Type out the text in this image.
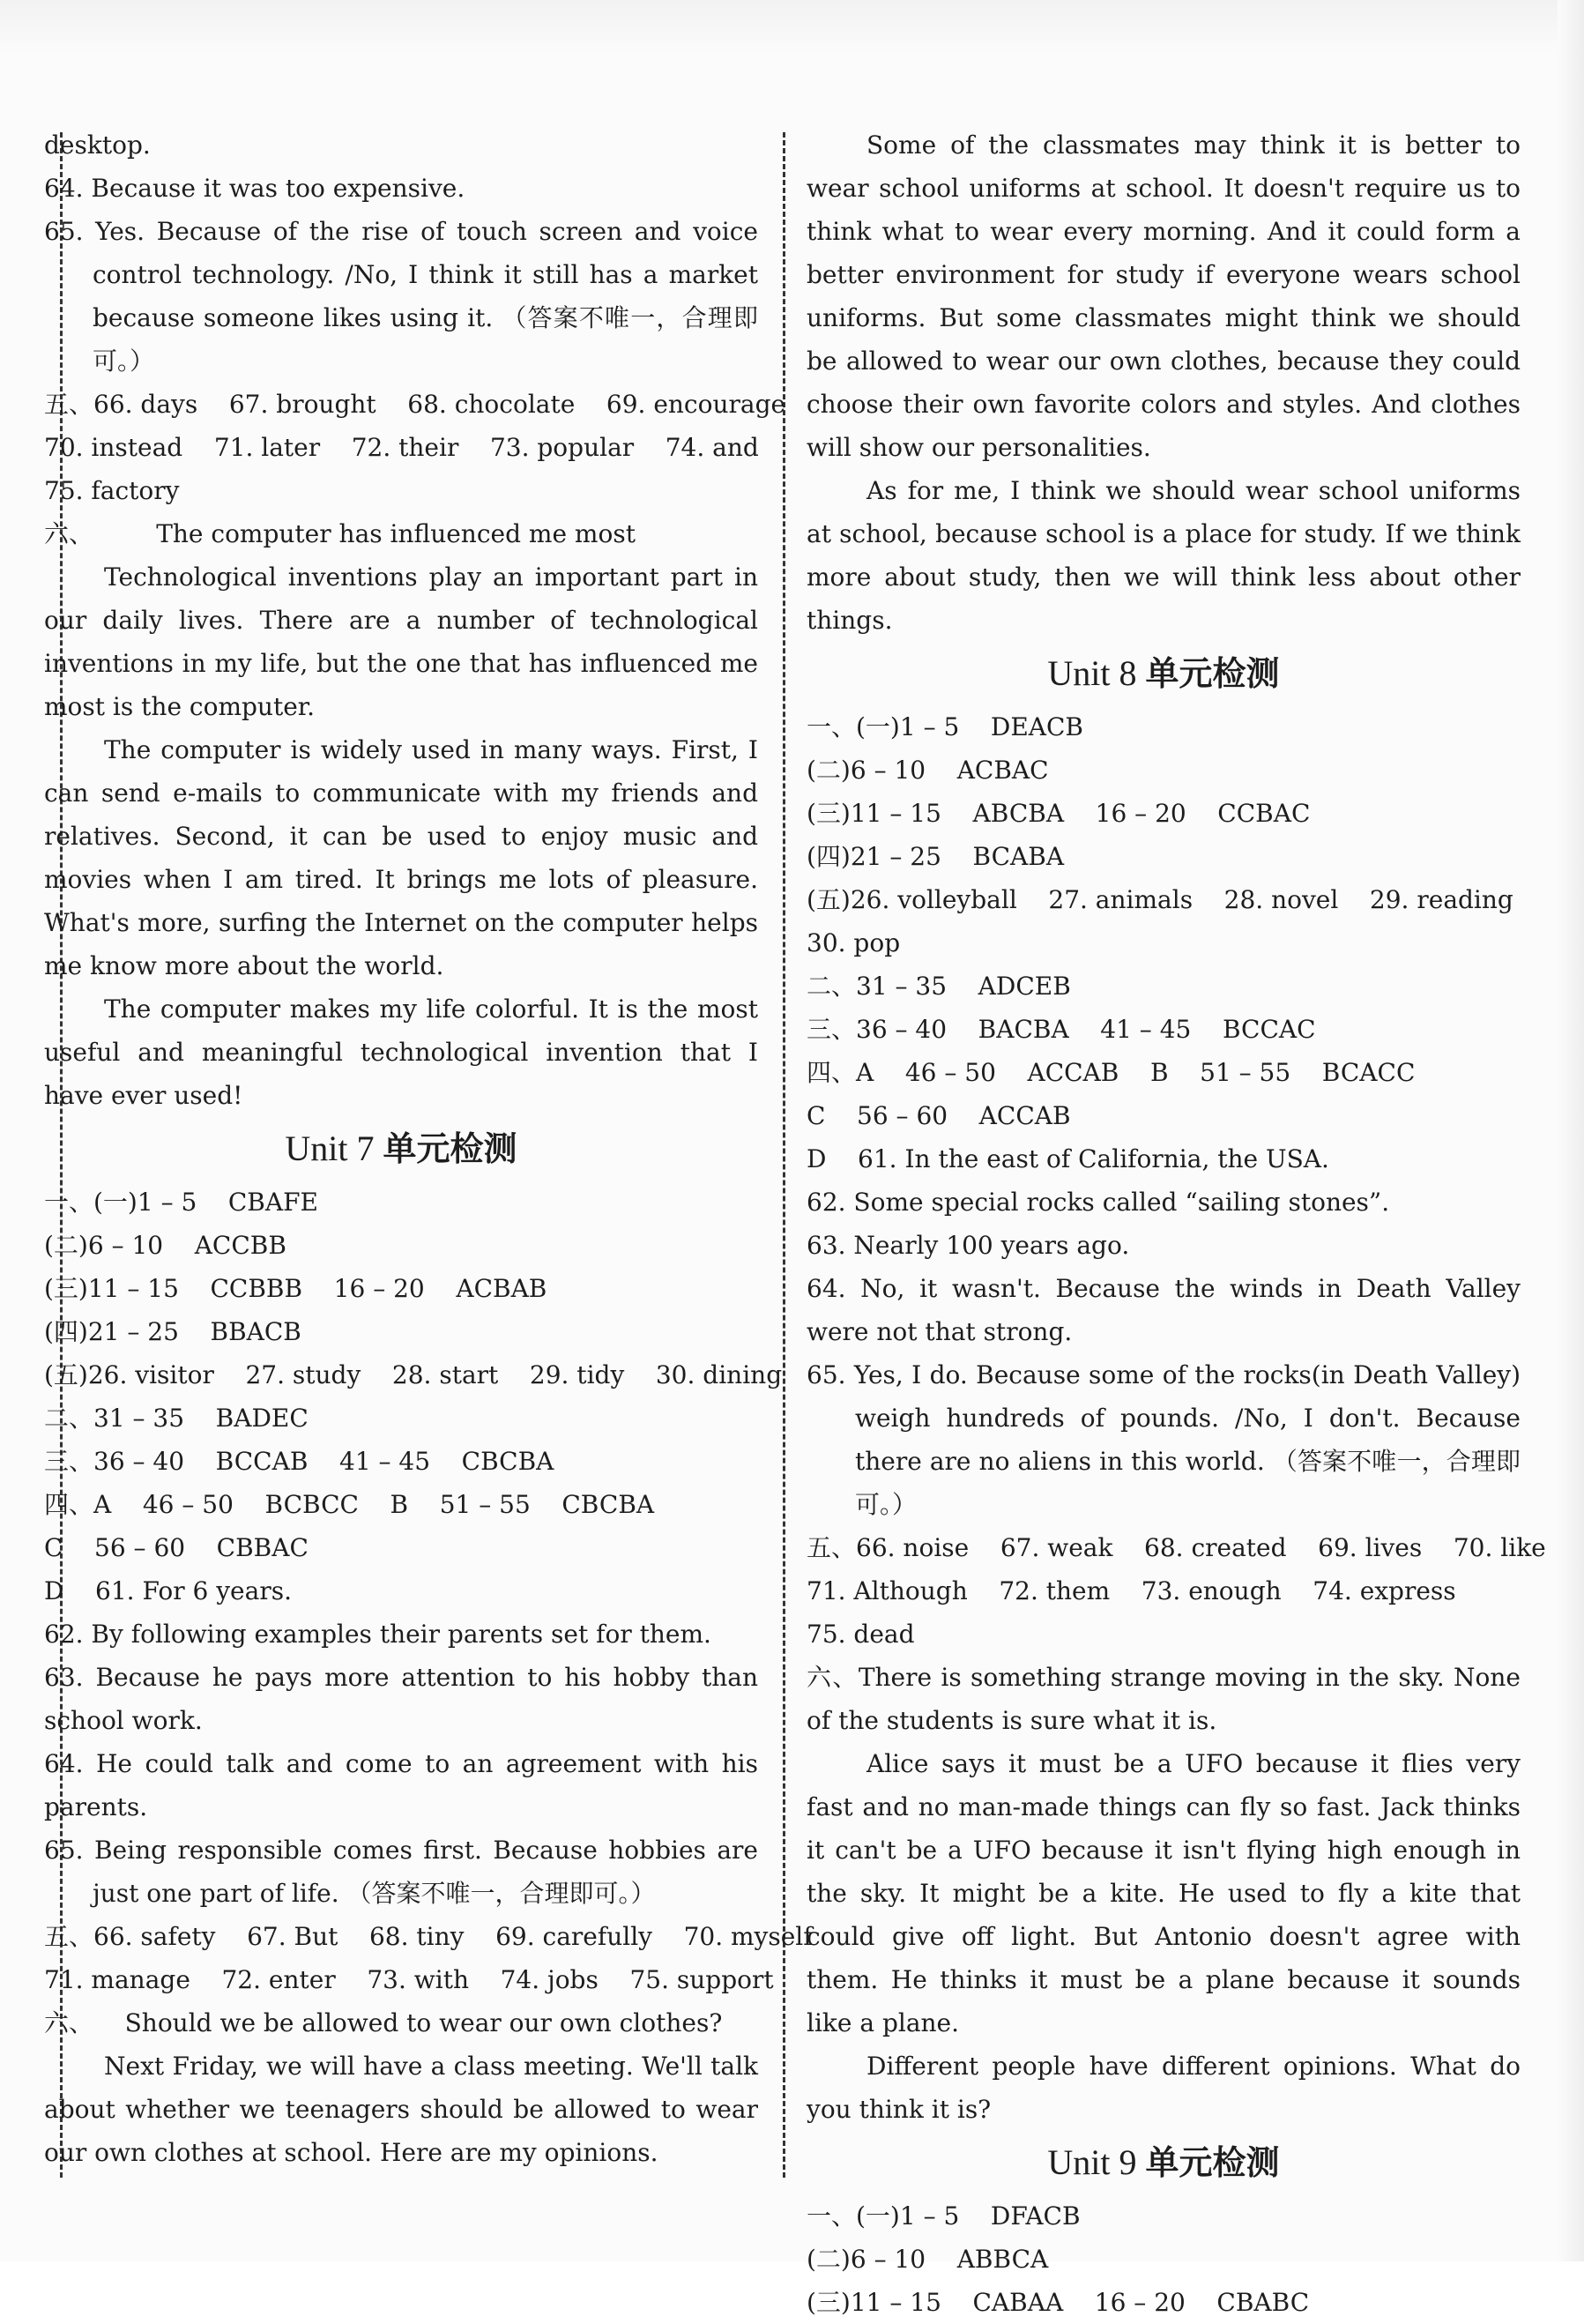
desktop.

64. Because it was too expensive.

65. Yes. Because of the rise of touch screen and voice control technology. /No, I think it still has a market because someone likes using it. （答案不唯一，合理即可。）

五、66. days    67. brought    68. chocolate    69. encourage

70. instead    71. later    72. their    73. popular    74. and

75. factory

六、        The computer has influenced me most

Technological inventions play an important part in our daily lives. There are a number of technological inventions in my life, but the one that has influenced me most is the computer.

The computer is widely used in many ways. First, I can send e-mails to communicate with my friends and relatives. Second, it can be used to enjoy music and movies when I am tired. It brings me lots of pleasure. What's more, surfing the Internet on the computer helps me know more about the world.

The computer makes my life colorful. It is the most useful and meaningful technological invention that I have ever used!

Unit 7 单元检测

一、(一)1 – 5    CBAFE

(二)6 – 10    ACCBB

(三)11 – 15    CCBBB    16 – 20    ACBAB

(四)21 – 25    BBACB

(五)26. visitor    27. study    28. start    29. tidy    30. dining

二、31 – 35    BADEC

三、36 – 40    BCCAB    41 – 45    CBCBA

四、A    46 – 50    BCBCC    B    51 – 55    CBCBA

C    56 – 60    CBBAC

D    61. For 6 years.

62. By following examples their parents set for them.

63. Because he pays more attention to his hobby than school work.

64. He could talk and come to an agreement with his parents.

65. Being responsible comes first. Because hobbies are just one part of life. （答案不唯一，合理即可。）

五、66. safety    67. But    68. tiny    69. carefully    70. myself

71. manage    72. enter    73. with    74. jobs    75. support

六、    Should we be allowed to wear our own clothes?

Next Friday, we will have a class meeting. We'll talk about whether we teenagers should be allowed to wear our own clothes at school. Here are my opinions.

Some of the classmates may think it is better to wear school uniforms at school. It doesn't require us to think what to wear every morning. And it could form a better environment for study if everyone wears school uniforms. But some classmates might think we should be allowed to wear our own clothes, because they could choose their own favorite colors and styles. And clothes will show our personalities.

As for me, I think we should wear school uniforms at school, because school is a place for study. If we think more about study, then we will think less about other things.

Unit 8 单元检测

一、(一)1 – 5    DEACB

(二)6 – 10    ACBAC

(三)11 – 15    ABCBA    16 – 20    CCBAC

(四)21 – 25    BCABA

(五)26. volleyball    27. animals    28. novel    29. reading

30. pop

二、31 – 35    ADCEB

三、36 – 40    BACBA    41 – 45    BCCAC

四、A    46 – 50    ACCAB    B    51 – 55    BCACC

C    56 – 60    ACCAB

D    61. In the east of California, the USA.

62. Some special rocks called “sailing stones”.

63. Nearly 100 years ago.

64. No, it wasn't. Because the winds in Death Valley were not that strong.

65. Yes, I do. Because some of the rocks(in Death Valley) weigh hundreds of pounds. /No, I don't. Because there are no aliens in this world. （答案不唯一，合理即可。）

五、66. noise    67. weak    68. created    69. lives    70. like

71. Although    72. them    73. enough    74. express

75. dead

六、There is something strange moving in the sky. None of the students is sure what it is.

Alice says it must be a UFO because it flies very fast and no man-made things can fly so fast. Jack thinks it can't be a UFO because it isn't flying high enough in the sky. It might be a kite. He used to fly a kite that could give off light. But Antonio doesn't agree with them. He thinks it must be a plane because it sounds like a plane.

Different people have different opinions. What do you think it is?

Unit 9 单元检测

一、(一)1 – 5    DFACB

(二)6 – 10    ABBCA

(三)11 – 15    CABAA    16 – 20    CBABC
